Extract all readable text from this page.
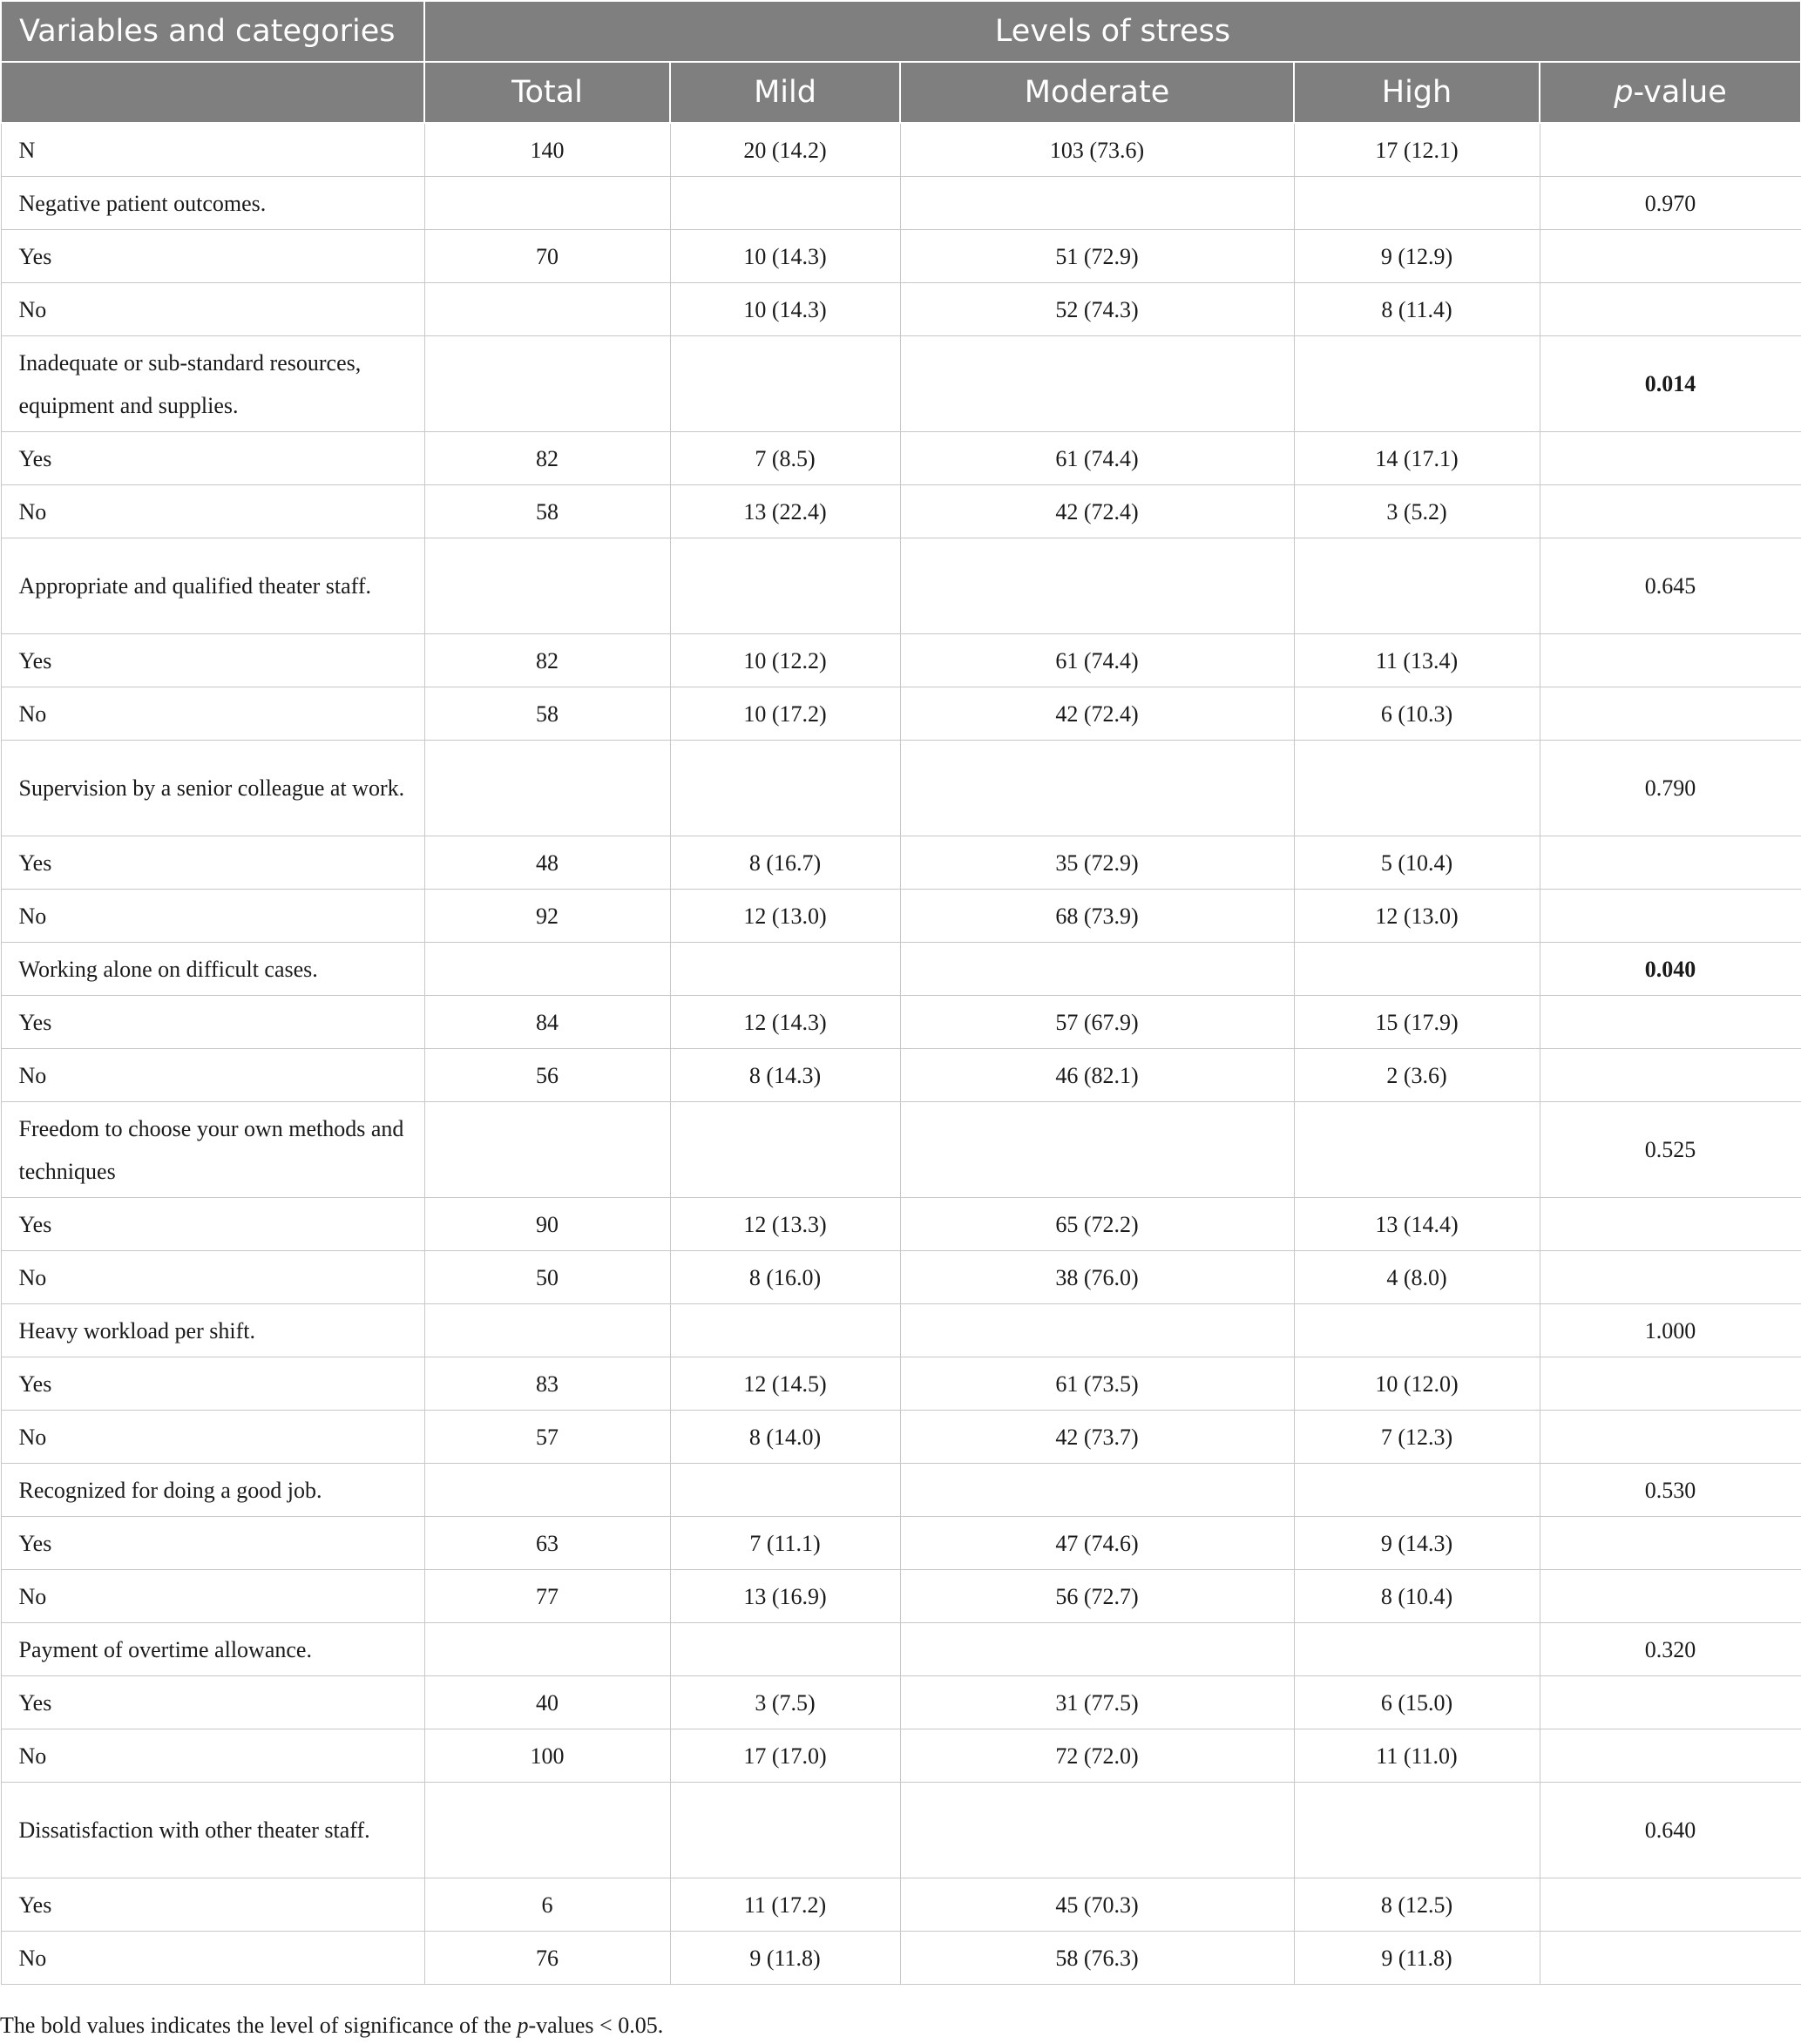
Variables and categories	Levels of stress				
	Total	Mild	Moderate	High	p-value
N	140	20 (14.2)	103 (73.6)	17 (12.1)	
Negative patient outcomes.					0.970
Yes	70	10 (14.3)	51 (72.9)	9 (12.9)	
No		10 (14.3)	52 (74.3)	8 (11.4)	
Inadequate or sub-standard resources, equipment and supplies.					0.014
Yes	82	7 (8.5)	61 (74.4)	14 (17.1)	
No	58	13 (22.4)	42 (72.4)	3 (5.2)	
Appropriate and qualified theater staff.					0.645
Yes	82	10 (12.2)	61 (74.4)	11 (13.4)	
No	58	10 (17.2)	42 (72.4)	6 (10.3)	
Supervision by a senior colleague at work.					0.790
Yes	48	8 (16.7)	35 (72.9)	5 (10.4)	
No	92	12 (13.0)	68 (73.9)	12 (13.0)	
Working alone on difficult cases.					0.040
Yes	84	12 (14.3)	57 (67.9)	15 (17.9)	
No	56	8 (14.3)	46 (82.1)	2 (3.6)	
Freedom to choose your own methods and techniques					0.525
Yes	90	12 (13.3)	65 (72.2)	13 (14.4)	
No	50	8 (16.0)	38 (76.0)	4 (8.0)	
Heavy workload per shift.					1.000
Yes	83	12 (14.5)	61 (73.5)	10 (12.0)	
No	57	8 (14.0)	42 (73.7)	7 (12.3)	
Recognized for doing a good job.					0.530
Yes	63	7 (11.1)	47 (74.6)	9 (14.3)	
No	77	13 (16.9)	56 (72.7)	8 (10.4)	
Payment of overtime allowance.					0.320
Yes	40	3 (7.5)	31 (77.5)	6 (15.0)	
No	100	17 (17.0)	72 (72.0)	11 (11.0)	
Dissatisfaction with other theater staff.					0.640
Yes	6	11 (17.2)	45 (70.3)	8 (12.5)	
No	76	9 (11.8)	58 (76.3)	9 (11.8)	

The bold values indicates the level of significance of the p-values < 0.05.
